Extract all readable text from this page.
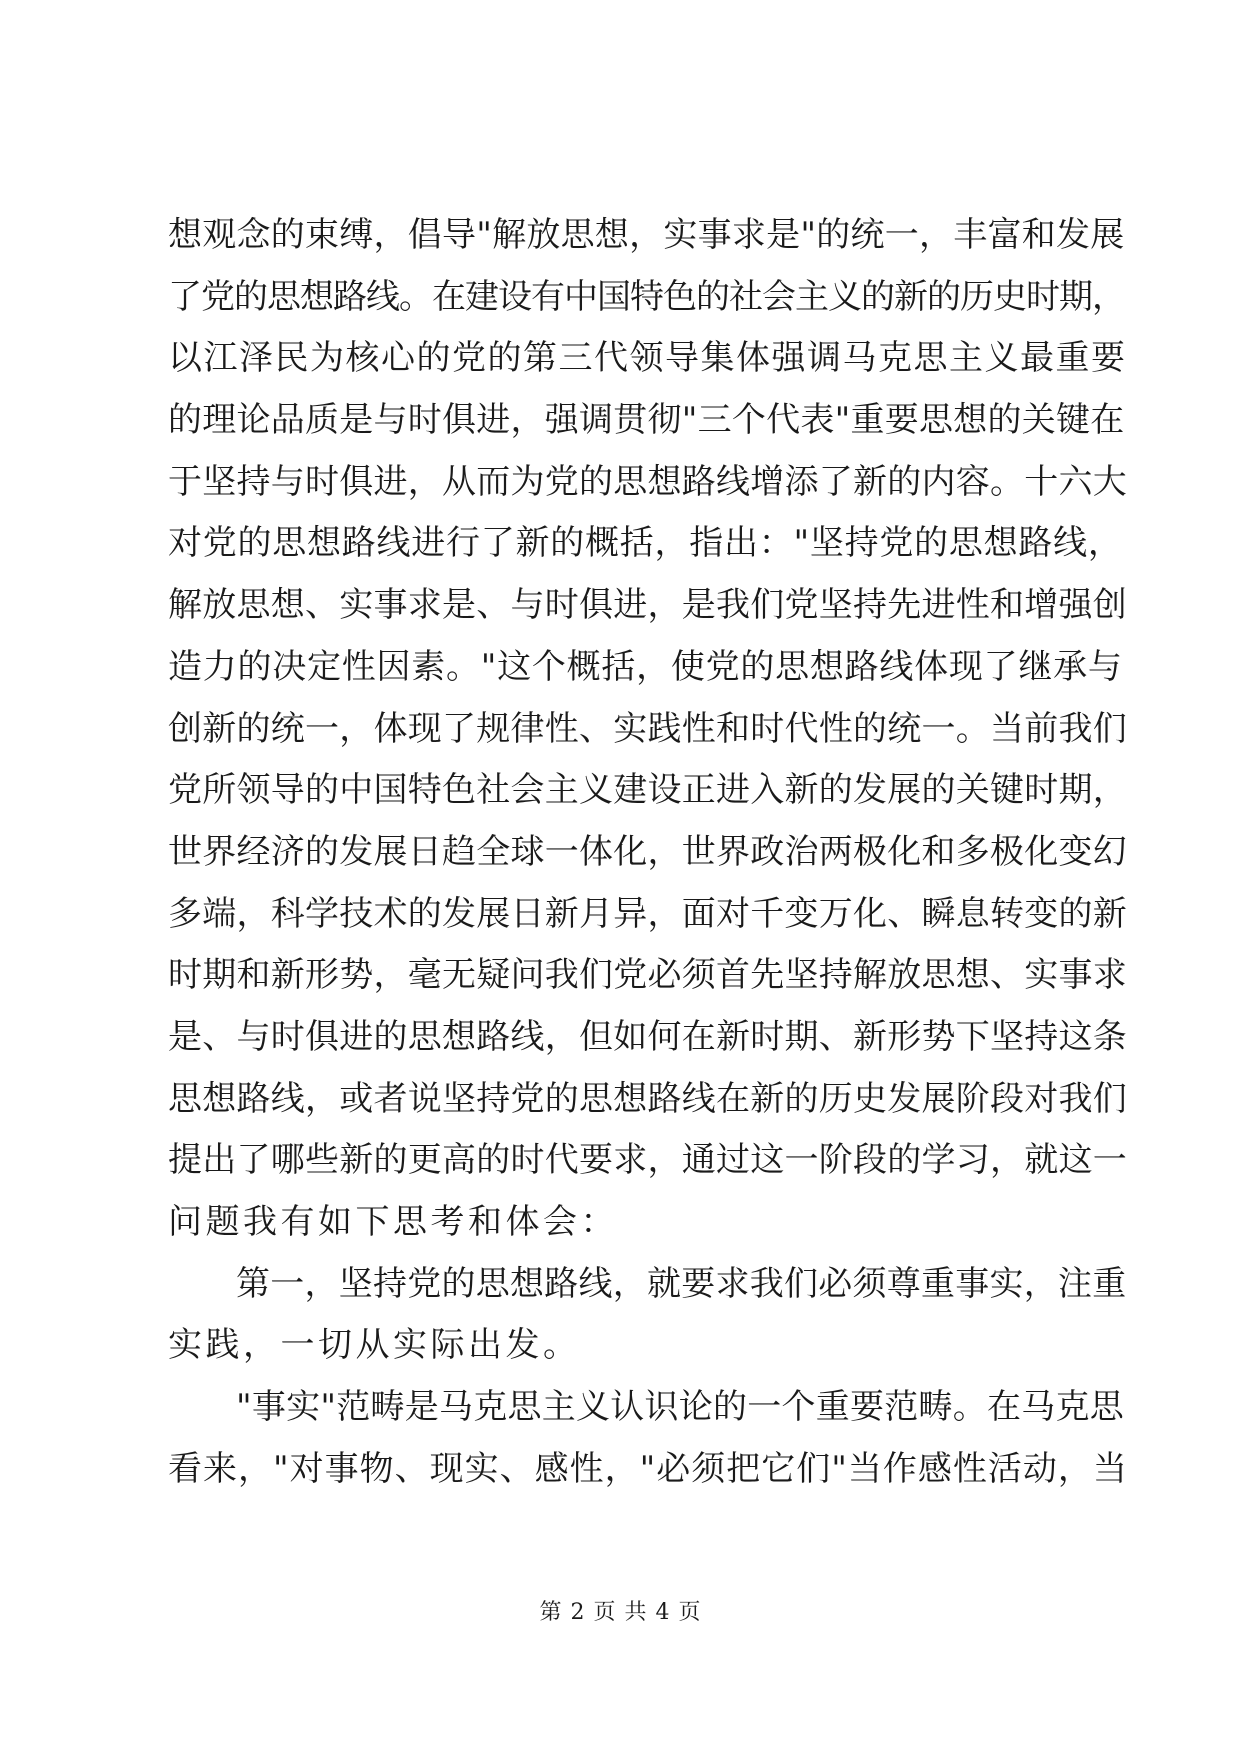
想观念的束缚，倡导"解放思想，实事求是"的统一，丰富和发展
了党的思想路线。在建设有中国特色的社会主义的新的历史时期，
以江泽民为核心的党的第三代领导集体强调马克思主义最重要
的理论品质是与时俱进，强调贯彻"三个代表"重要思想的关键在
于坚持与时俱进，从而为党的思想路线增添了新的内容。十六大
对党的思想路线进行了新的概括，指出："坚持党的思想路线，
解放思想、实事求是、与时俱进，是我们党坚持先进性和增强创
造力的决定性因素。"这个概括，使党的思想路线体现了继承与
创新的统一，体现了规律性、实践性和时代性的统一。当前我们
党所领导的中国特色社会主义建设正进入新的发展的关键时期，
世界经济的发展日趋全球一体化，世界政治两极化和多极化变幻
多端，科学技术的发展日新月异，面对千变万化、瞬息转变的新
时期和新形势，毫无疑问我们党必须首先坚持解放思想、实事求
是、与时俱进的思想路线，但如何在新时期、新形势下坚持这条
思想路线，或者说坚持党的思想路线在新的历史发展阶段对我们
提出了哪些新的更高的时代要求，通过这一阶段的学习，就这一
问题我有如下思考和体会：
第一，坚持党的思想路线，就要求我们必须尊重事实，注重
实践，一切从实际出发。
"事实"范畴是马克思主义认识论的一个重要范畴。在马克思
看来，"对事物、现实、感性，"必须把它们"当作感性活动，当
第 2 页 共 4 页
